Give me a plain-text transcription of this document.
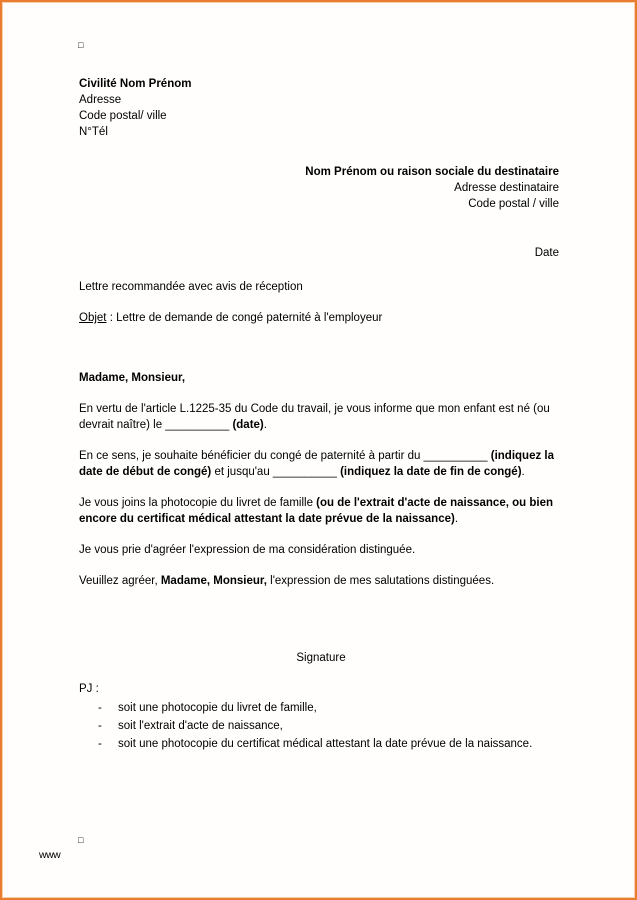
□
Civilité Nom Prénom
Adresse
Code postal/ ville
N°Tél
Nom Prénom ou raison sociale du destinataire
Adresse destinataire
Code postal / ville
Date
Lettre recommandée avec avis de réception
Objet : Lettre de demande de congé paternité à l'employeur

Madame, Monsieur,

En vertu de l'article L.1225-35 du Code du travail, je vous informe que mon enfant est né (ou devrait naître) le __________ (date).

En ce sens, je souhaite bénéficier du congé de paternité à partir du __________ (indiquez la date de début de congé) et jusqu'au __________ (indiquez la date de fin de congé).

Je vous joins la photocopie du livret de famille (ou de l'extrait d'acte de naissance, ou bien encore du certificat médical attestant la date prévue de la naissance).

Je vous prie d'agréer l'expression de ma considération distinguée.

Veuillez agréer, Madame, Monsieur, l'expression de mes salutations distinguées.

Signature
PJ :
-	soit une photocopie du livret de famille,
-	soit l'extrait d'acte de naissance,
-	soit une photocopie du certificat médical attestant la date prévue de la naissance.
□
www
